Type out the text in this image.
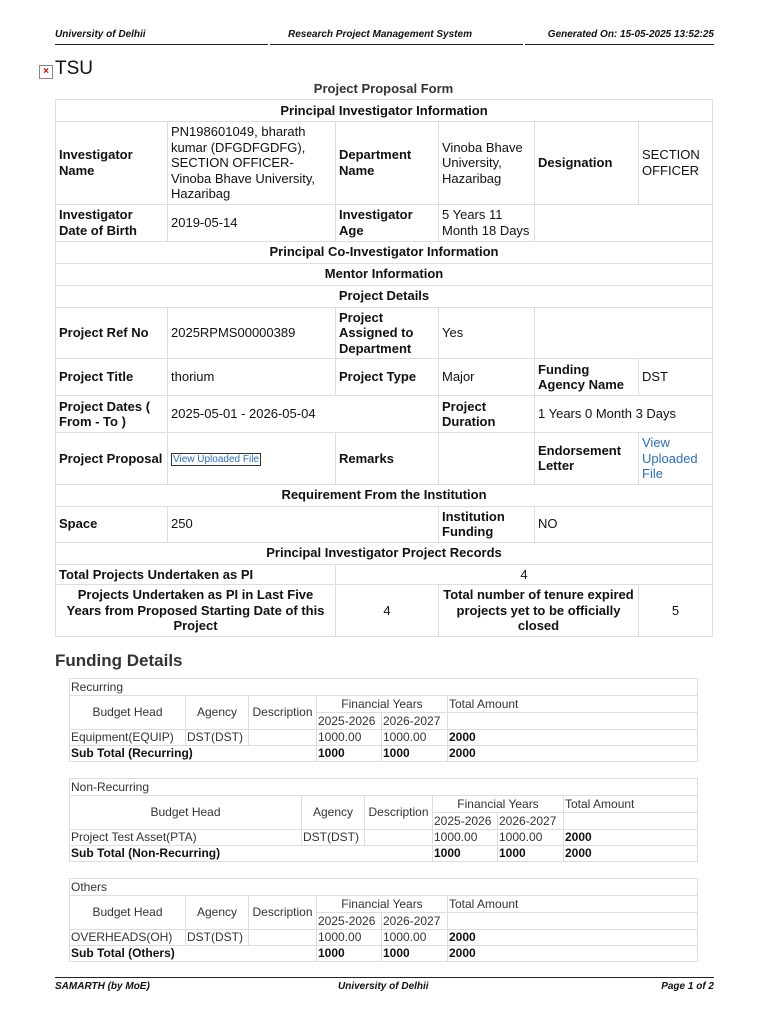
University of Delhii	Research Project Management System	Generated On: 15-05-2025 13:52:25
× TSU
Project Proposal Form
Principal Investigator Information					
Investigator Name	PN198601049, bharath kumar (DFGDFGDFG), SECTION OFFICER- Vinoba Bhave University, Hazaribag	Department Name	Vinoba Bhave University, Hazaribag	Designation	SECTION OFFICER
Investigator Date of Birth	2019-05-14	Investigator Age	5 Years 11 Month 18 Days		
Principal Co-Investigator Information					
Mentor Information					
Project Details					
Project Ref No	2025RPMS00000389	Project Assigned to Department	Yes		
Project Title	thorium	Project Type	Major	Funding Agency Name	DST
Project Dates ( From - To )	2025-05-01 - 2026-05-04		Project Duration	1 Years 0 Month 3 Days	
Project Proposal	View Uploaded File	Remarks		Endorsement Letter	View Uploaded File
Requirement From the Institution					
Space	250		Institution Funding	NO	
Principal Investigator Project Records					
Total Projects Undertaken as PI		4			
Projects Undertaken as PI in Last Five Years from Proposed Starting Date of this Project		4	Total number of tenure expired projects yet to be officially closed		5
Funding Details
Recurring					
Budget Head	Agency	Description	Financial Years		Total Amount
			2025-2026	2026-2027	
Equipment(EQUIP)	DST(DST)		1000.00	1000.00	2000
Sub Total (Recurring)			1000	1000	2000
Non-Recurring					
Budget Head	Agency	Description	Financial Years		Total Amount
			2025-2026	2026-2027	
Project Test Asset(PTA)	DST(DST)		1000.00	1000.00	2000
Sub Total (Non-Recurring)			1000	1000	2000
Others					
Budget Head	Agency	Description	Financial Years		Total Amount
			2025-2026	2026-2027	
OVERHEADS(OH)	DST(DST)		1000.00	1000.00	2000
Sub Total (Others)			1000	1000	2000
SAMARTH (by MoE)	University of Delhii	Page 1 of 2
